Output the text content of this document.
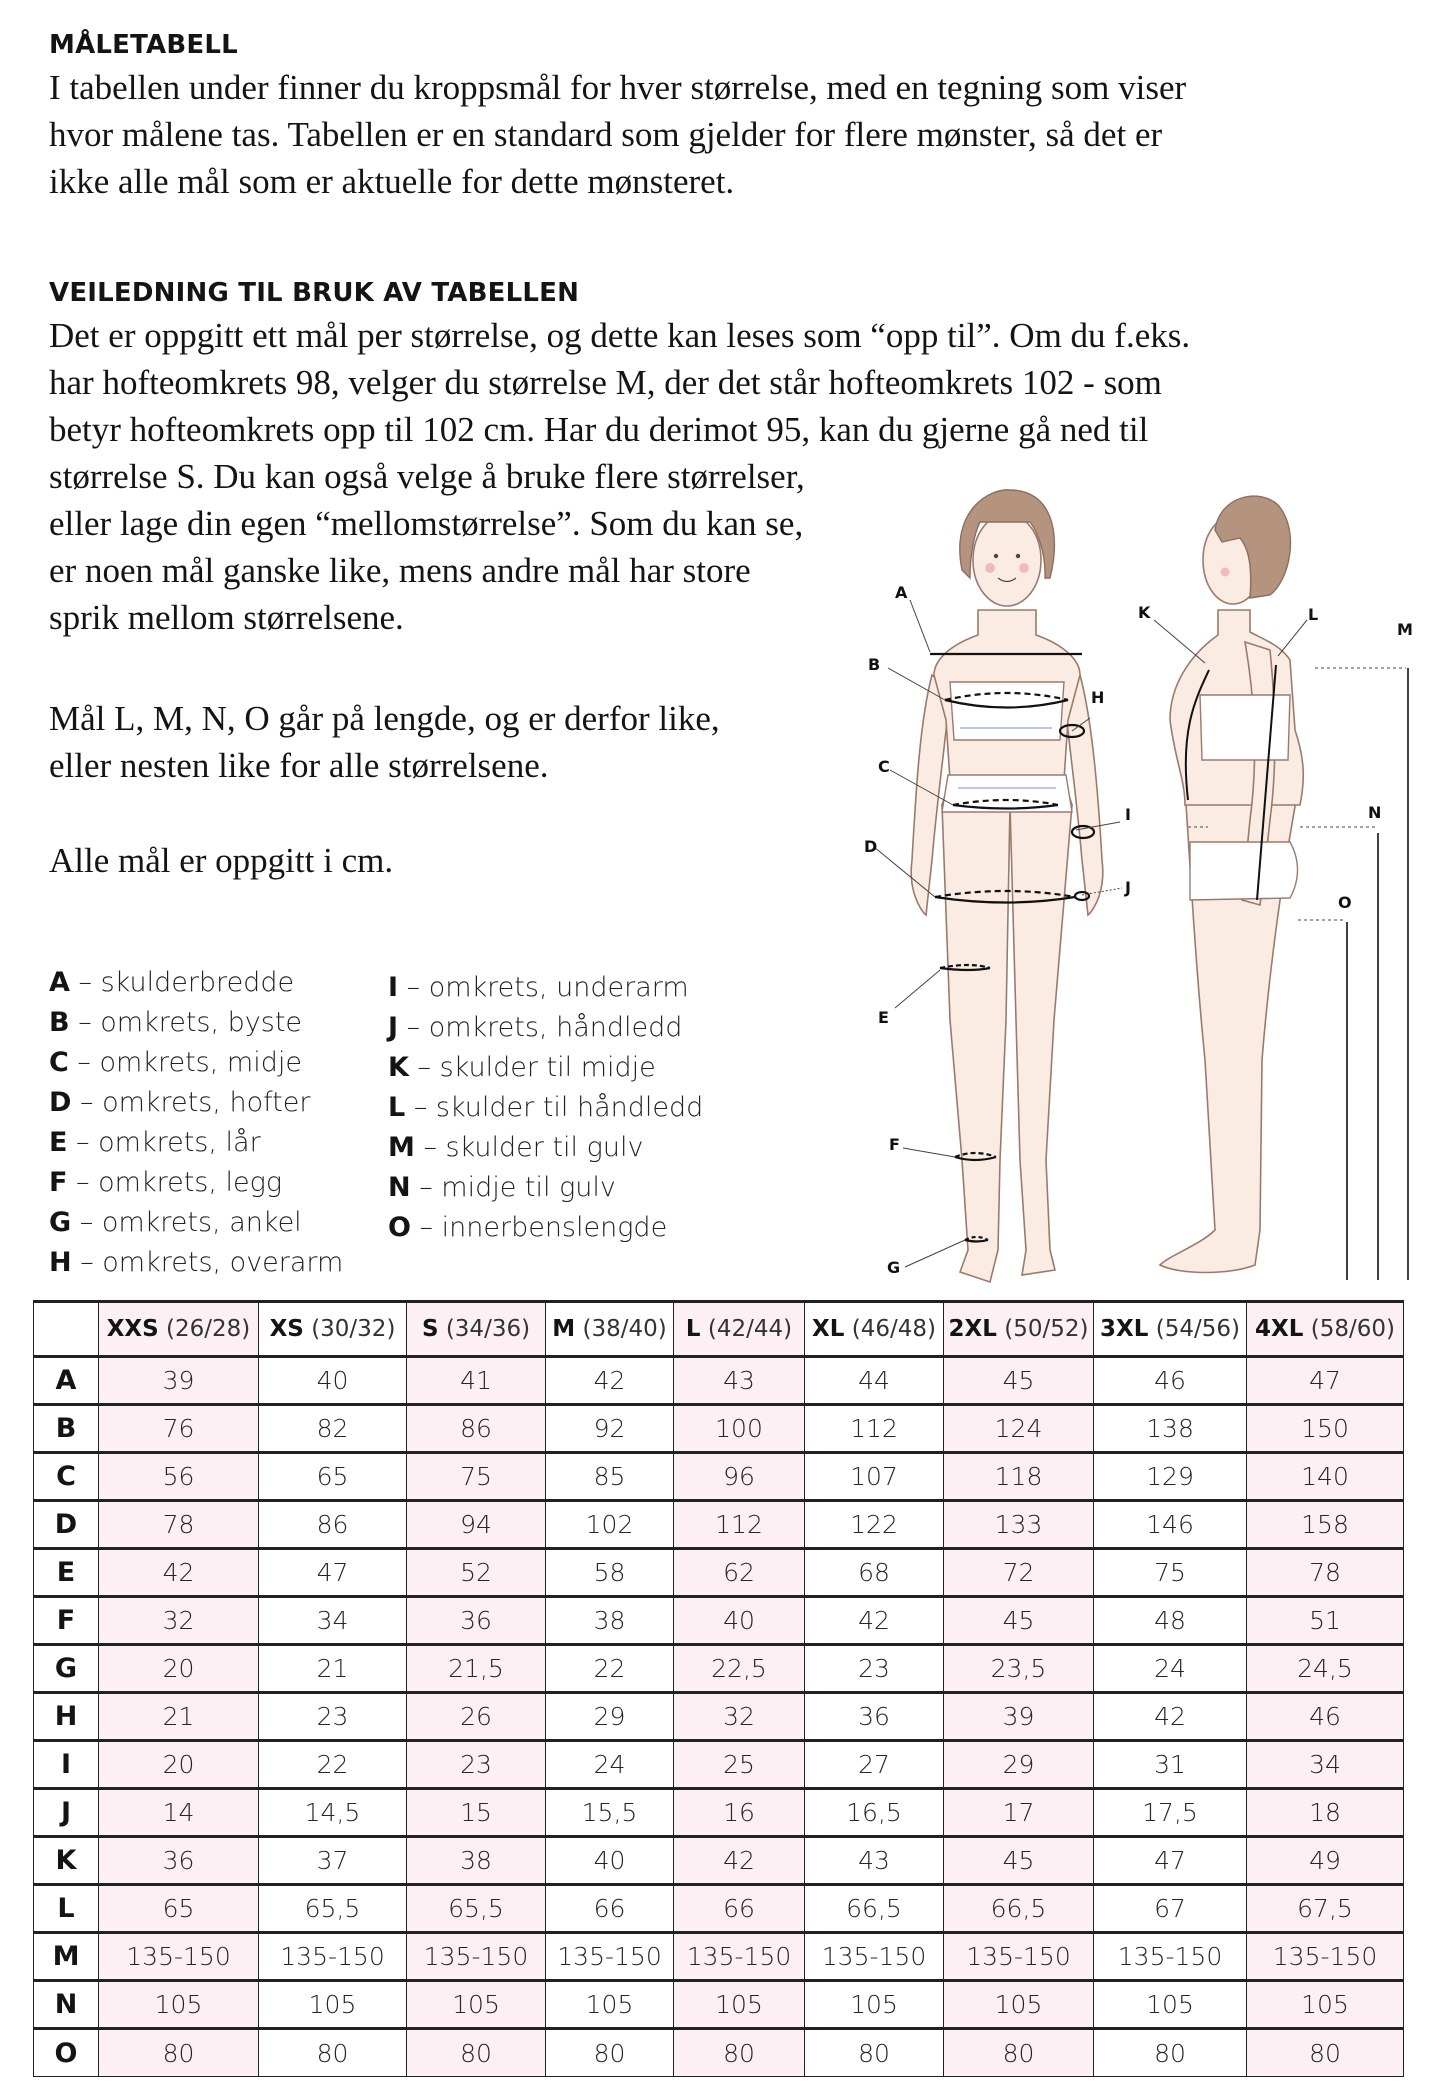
MÅLETABELL

I tabellen under finner du kroppsmål for hver størrelse, med en tegning som viser
hvor målene tas. Tabellen er en standard som gjelder for flere mønster, så det er
ikke alle mål som er aktuelle for dette mønsteret.

VEILEDNING TIL BRUK AV TABELLEN

Det er oppgitt ett mål per størrelse, og dette kan leses som “opp til”. Om du f.eks.
har hofteomkrets 98, velger du størrelse M, der det står hofteomkrets 102 - som
betyr hofteomkrets opp til 102 cm. Har du derimot 95, kan du gjerne gå ned til
størrelse S. Du kan også velge å bruke flere størrelser,
eller lage din egen “mellomstørrelse”. Som du kan se,
er noen mål ganske like, mens andre mål har store
sprik mellom størrelsene.

Mål L, M, N, O går på lengde, og er derfor like,
eller nesten like for alle størrelsene.

Alle mål er oppgitt i cm.

A – skulderbredde
B – omkrets, byste
C – omkrets, midje
D – omkrets, hofter
E – omkrets, lår
F – omkrets, legg
G – omkrets, ankel
H – omkrets, overarm
I – omkrets, underarm
J – omkrets, håndledd
K – skulder til midje
L – skulder til håndledd
M – skulder til gulv
N – midje til gulv
O – innerbenslengde
A
B
C
D
E
F
G
H
I
J
K	L
M
N
O
	XXS (26/28)	XS (30/32)	S (34/36)	M (38/40)	L (42/44)	XL (46/48)	2XL (50/52)	3XL (54/56)	4XL (58/60)
A	39	40	41	42	43	44	45	46	47
B	76	82	86	92	100	112	124	138	150
C	56	65	75	85	96	107	118	129	140
D	78	86	94	102	112	122	133	146	158
E	42	47	52	58	62	68	72	75	78
F	32	34	36	38	40	42	45	48	51
G	20	21	21,5	22	22,5	23	23,5	24	24,5
H	21	23	26	29	32	36	39	42	46
I	20	22	23	24	25	27	29	31	34
J	14	14,5	15	15,5	16	16,5	17	17,5	18
K	36	37	38	40	42	43	45	47	49
L	65	65,5	65,5	66	66	66,5	66,5	67	67,5
M	135-150	135-150	135-150	135-150	135-150	135-150	135-150	135-150	135-150
N	105	105	105	105	105	105	105	105	105
O	80	80	80	80	80	80	80	80	80
